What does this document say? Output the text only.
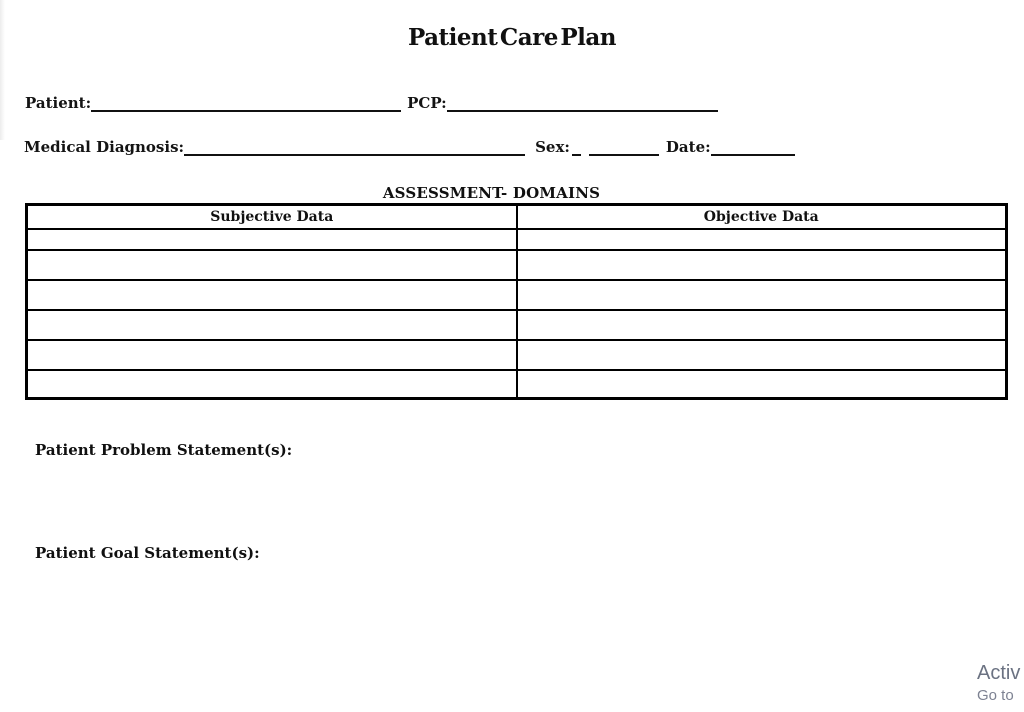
Patient Care Plan
Patient:	PCP:
Medical Diagnosis:	Sex:	Date:
ASSESSMENT- DOMAINS
Subjective Data	Objective Data

Patient Problem Statement(s):
Patient Goal Statement(s):
Activ
Go to
